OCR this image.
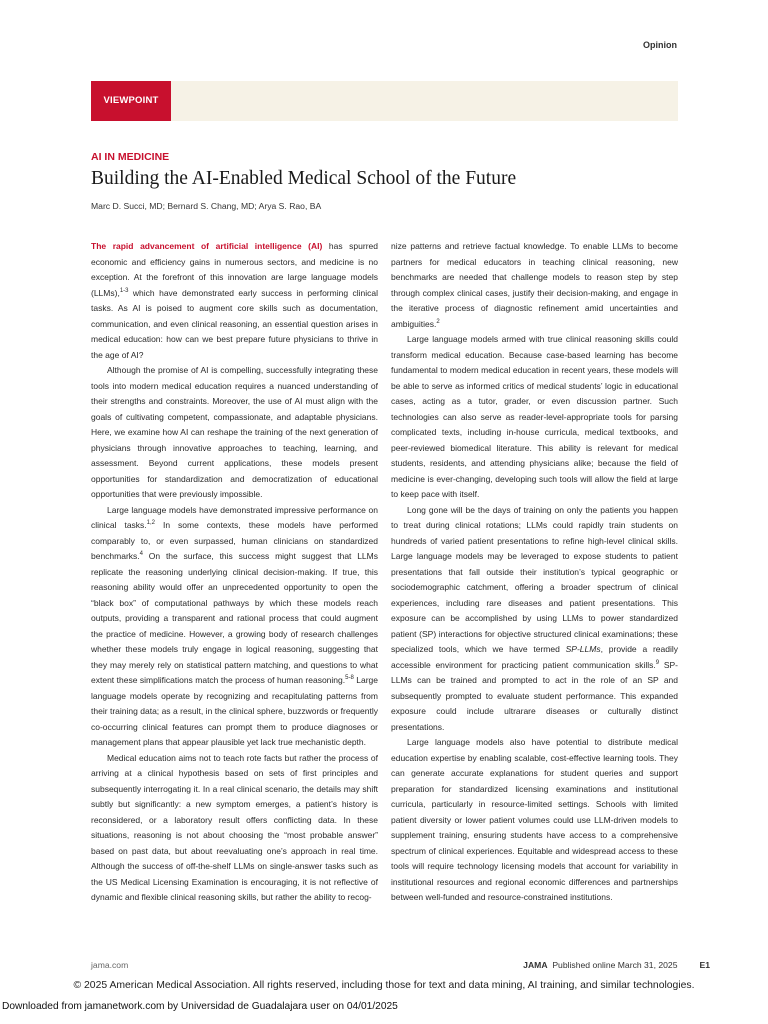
Opinion
VIEWPOINT
AI IN MEDICINE
Building the AI-Enabled Medical School of the Future
Marc D. Succi, MD; Bernard S. Chang, MD; Arya S. Rao, BA

The rapid advancement of artificial intelligence (AI) has spurred economic and efficiency gains in numerous sectors, and medicine is no exception. At the forefront of this innovation are large language models (LLMs),$^{1-3}$ which have demonstrated early success in performing clinical tasks. As AI is poised to augment core skills such as documentation, communication, and even clinical reasoning, an essential question arises in medical education: how can we best prepare future physicians to thrive in the age of AI?

Although the promise of AI is compelling, successfully integrating these tools into modern medical education requires a nuanced understanding of their strengths and constraints. Moreover, the use of AI must align with the goals of cultivating competent, compassionate, and adaptable physicians. Here, we examine how AI can reshape the training of the next generation of physicians through innovative approaches to teaching, learning, and assessment. Beyond current applications, these models present opportunities for standardization and democratization of educational opportunities that were previously impossible.

Large language models have demonstrated impressive performance on clinical tasks.$^{1,2}$ In some contexts, these models have performed comparably to, or even surpassed, human clinicians on standardized benchmarks.$^4$ On the surface, this success might suggest that LLMs replicate the reasoning underlying clinical decision-making. If true, this reasoning ability would offer an unprecedented opportunity to open the “black box” of computational pathways by which these models reach outputs, providing a transparent and rational process that could augment the practice of medicine. However, a growing body of research challenges whether these models truly engage in logical reasoning, suggesting that they may merely rely on statistical pattern matching, and questions to what extent these simplifications match the process of human reasoning.$^{5-8}$ Large language models operate by recognizing and recapitulating patterns from their training data; as a result, in the clinical sphere, buzzwords or frequently co-occurring clinical features can prompt them to produce diagnoses or management plans that appear plausible yet lack true mechanistic depth.

Medical education aims not to teach rote facts but rather the process of arriving at a clinical hypothesis based on sets of first principles and subsequently interrogating it. In a real clinical scenario, the details may shift subtly but significantly: a new symptom emerges, a patient’s history is reconsidered, or a laboratory result offers conflicting data. In these situations, reasoning is not about choosing the “most probable answer” based on past data, but about reevaluating one’s approach in real time. Although the success of off-the-shelf LLMs on single-answer tasks such as the US Medical Licensing Examination is encouraging, it is not reflective of dynamic and flexible clinical reasoning skills, but rather the ability to recog-

nize patterns and retrieve factual knowledge. To enable LLMs to become partners for medical educators in teaching clinical reasoning, new benchmarks are needed that challenge models to reason step by step through complex clinical cases, justify their decision-making, and engage in the iterative process of diagnostic refinement amid uncertainties and ambiguities.$^2$

Large language models armed with true clinical reasoning skills could transform medical education. Because case-based learning has become fundamental to modern medical education in recent years, these models will be able to serve as informed critics of medical students’ logic in educational cases, acting as a tutor, grader, or even discussion partner. Such technologies can also serve as reader-level-appropriate tools for parsing complicated texts, including in-house curricula, medical textbooks, and peer-reviewed biomedical literature. This ability is relevant for medical students, residents, and attending physicians alike; because the field of medicine is ever-changing, developing such tools will allow the field at large to keep pace with itself.

Long gone will be the days of training on only the patients you happen to treat during clinical rotations; LLMs could rapidly train students on hundreds of varied patient presentations to refine high-level clinical skills. Large language models may be leveraged to expose students to patient presentations that fall outside their institution’s typical geographic or sociodemographic catchment, offering a broader spectrum of clinical experiences, including rare diseases and patient presentations. This exposure can be accomplished by using LLMs to power standardized patient (SP) interactions for objective structured clinical examinations; these specialized tools, which we have termed SP-LLMs, provide a readily accessible environment for practicing patient communication skills.$^9$ SP-LLMs can be trained and prompted to act in the role of an SP and subsequently prompted to evaluate student performance. This expanded exposure could include ultrarare diseases or culturally distinct presentations.

Large language models also have potential to distribute medical education expertise by enabling scalable, cost-effective learning tools. They can generate accurate explanations for student queries and support preparation for standardized licensing examinations and institutional curricula, particularly in resource-limited settings. Schools with limited patient diversity or lower patient volumes could use LLM-driven models to supplement training, ensuring students have access to a comprehensive spectrum of clinical experiences. Equitable and widespread access to these tools will require technology licensing models that account for variability in institutional resources and regional economic differences and partnerships between well-funded and resource-constrained institutions.

jama.com	JAMA Published online March 31, 2025	E1
© 2025 American Medical Association. All rights reserved, including those for text and data mining, AI training, and similar technologies.
Downloaded from jamanetwork.com by Universidad de Guadalajara user on 04/01/2025
